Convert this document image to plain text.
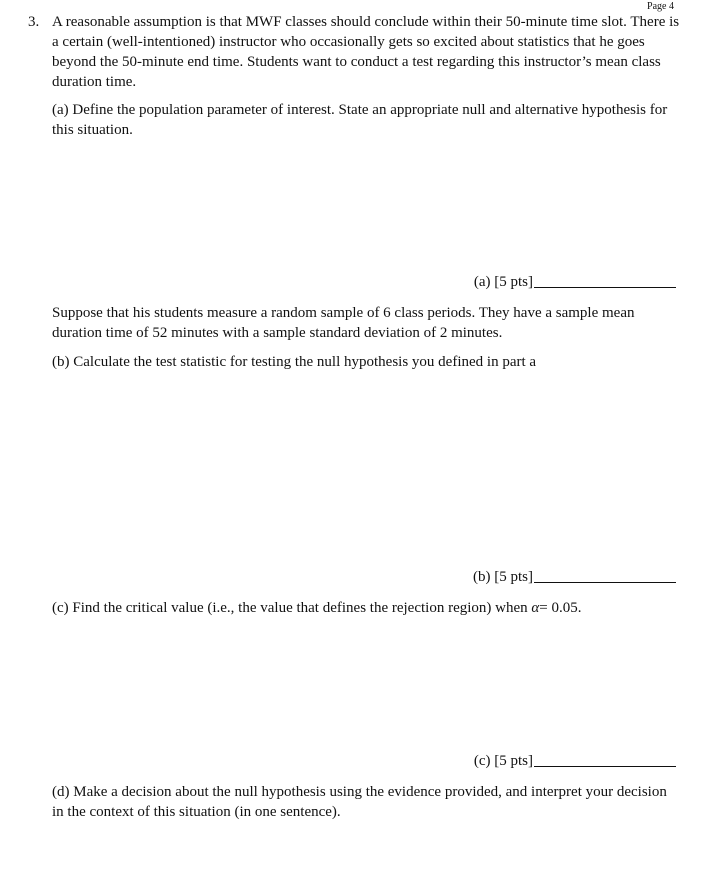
Page 4
3. A reasonable assumption is that MWF classes should conclude within their 50-minute time slot. There is a certain (well-intentioned) instructor who occasionally gets so excited about statistics that he goes beyond the 50-minute end time. Students want to conduct a test regarding this instructor’s mean class duration time.
(a) Define the population parameter of interest. State an appropriate null and alternative hypothesis for this situation.
(a) [5 pts]
Suppose that his students measure a random sample of 6 class periods. They have a sample mean duration time of 52 minutes with a sample standard deviation of 2 minutes.
(b) Calculate the test statistic for testing the null hypothesis you defined in part a
(b) [5 pts]
(c) Find the critical value (i.e., the value that defines the rejection region) when α= 0.05.
(c) [5 pts]
(d) Make a decision about the null hypothesis using the evidence provided, and interpret your decision in the context of this situation (in one sentence).
